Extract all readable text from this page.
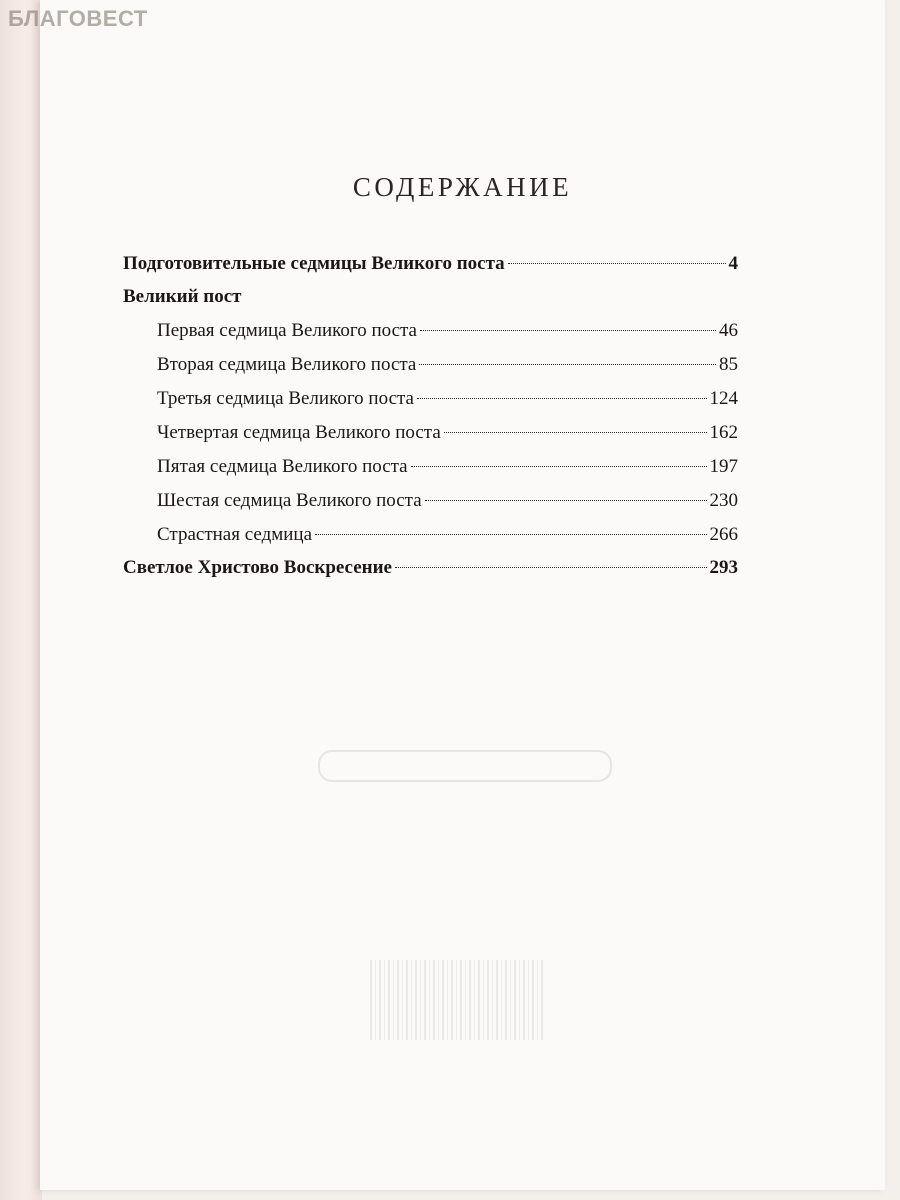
СОДЕРЖАНИЕ
Подготовительные седмицы Великого поста	4
Великий пост
Первая седмица Великого поста	46
Вторая седмица Великого поста	85
Третья седмица Великого поста	124
Четвертая седмица Великого поста	162
Пятая седмица Великого поста	197
Шестая седмица Великого поста	230
Страстная седмица	266
Светлое Христово Воскресение	293
БЛАГОВЕСТ
